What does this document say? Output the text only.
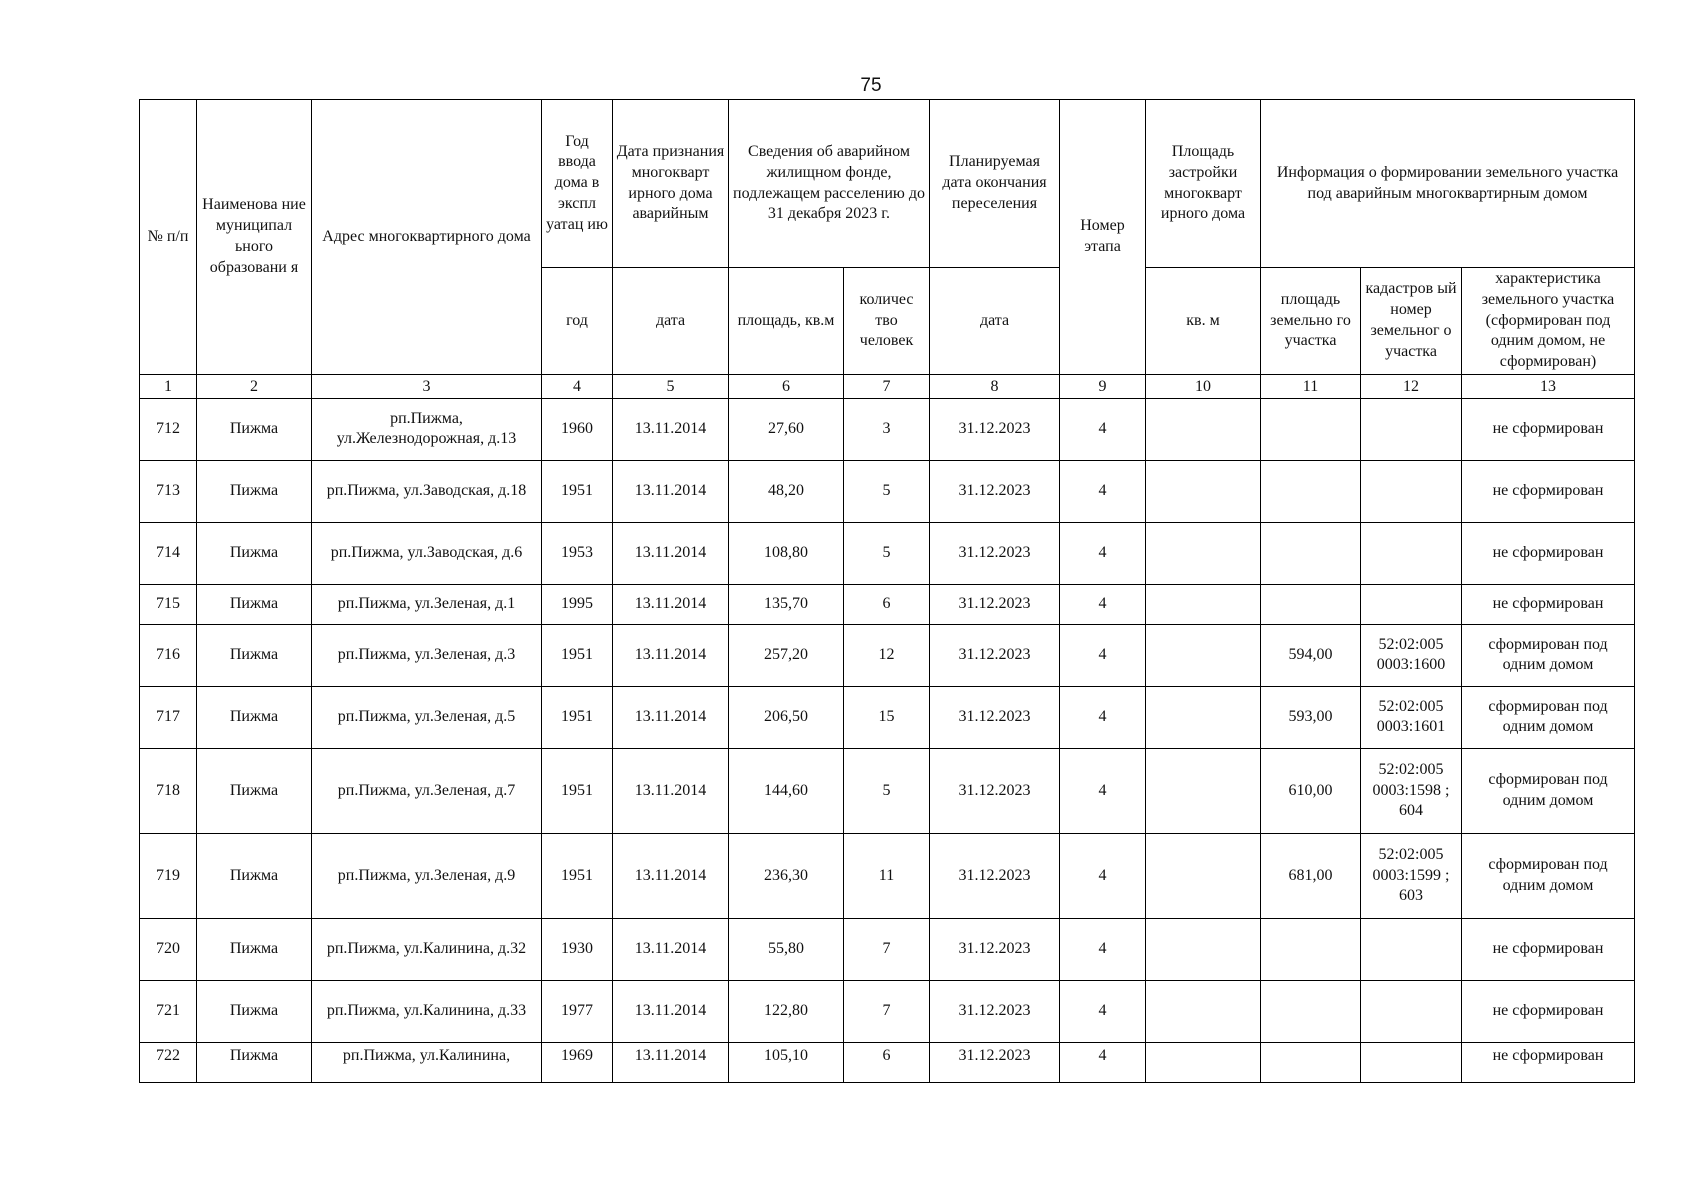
75
№ п/п	Наименова ние муниципал ьного образовани я	Адрес многоквартирного дома	Год ввода дома в экспл уатац ию	Дата признания многокварт ирного дома аварийным	Сведения об аварийном жилищном фонде, подлежащем расселению до 31 декабря 2023 г.		Планируемая дата окончания переселения	Номер этапа	Площадь застройки многокварт ирного дома	Информация о формировании земельного участка под аварийным многоквартирным домом		
										площадь земельно го участка	кадастров ый номер земельног о участка	характеристика земельного участка (сформирован под одним домом, не сформирован)
			год	дата	площадь, кв.м	количес тво человек	дата		кв. м			
1	2	3	4	5	6	7	8	9	10	11	12	13
712	Пижма	рп.Пижма, ул.Железнодорожная, д.13	1960	13.11.2014	27,60	3	31.12.2023	4				не сформирован
713	Пижма	рп.Пижма, ул.Заводская, д.18	1951	13.11.2014	48,20	5	31.12.2023	4				не сформирован
714	Пижма	рп.Пижма, ул.Заводская, д.6	1953	13.11.2014	108,80	5	31.12.2023	4				не сформирован
715	Пижма	рп.Пижма, ул.Зеленая, д.1	1995	13.11.2014	135,70	6	31.12.2023	4				не сформирован
716	Пижма	рп.Пижма, ул.Зеленая, д.3	1951	13.11.2014	257,20	12	31.12.2023	4		594,00	52:02:005 0003:1600	сформирован под одним домом
717	Пижма	рп.Пижма, ул.Зеленая, д.5	1951	13.11.2014	206,50	15	31.12.2023	4		593,00	52:02:005 0003:1601	сформирован под одним домом
718	Пижма	рп.Пижма, ул.Зеленая, д.7	1951	13.11.2014	144,60	5	31.12.2023	4		610,00	52:02:005 0003:1598 ; 604	сформирован под одним домом
719	Пижма	рп.Пижма, ул.Зеленая, д.9	1951	13.11.2014	236,30	11	31.12.2023	4		681,00	52:02:005 0003:1599 ; 603	сформирован под одним домом
720	Пижма	рп.Пижма, ул.Калинина, д.32	1930	13.11.2014	55,80	7	31.12.2023	4				не сформирован
721	Пижма	рп.Пижма, ул.Калинина, д.33	1977	13.11.2014	122,80	7	31.12.2023	4				не сформирован
722	Пижма	рп.Пижма, ул.Калинина,	1969	13.11.2014	105,10	6	31.12.2023	4				не сформирован
